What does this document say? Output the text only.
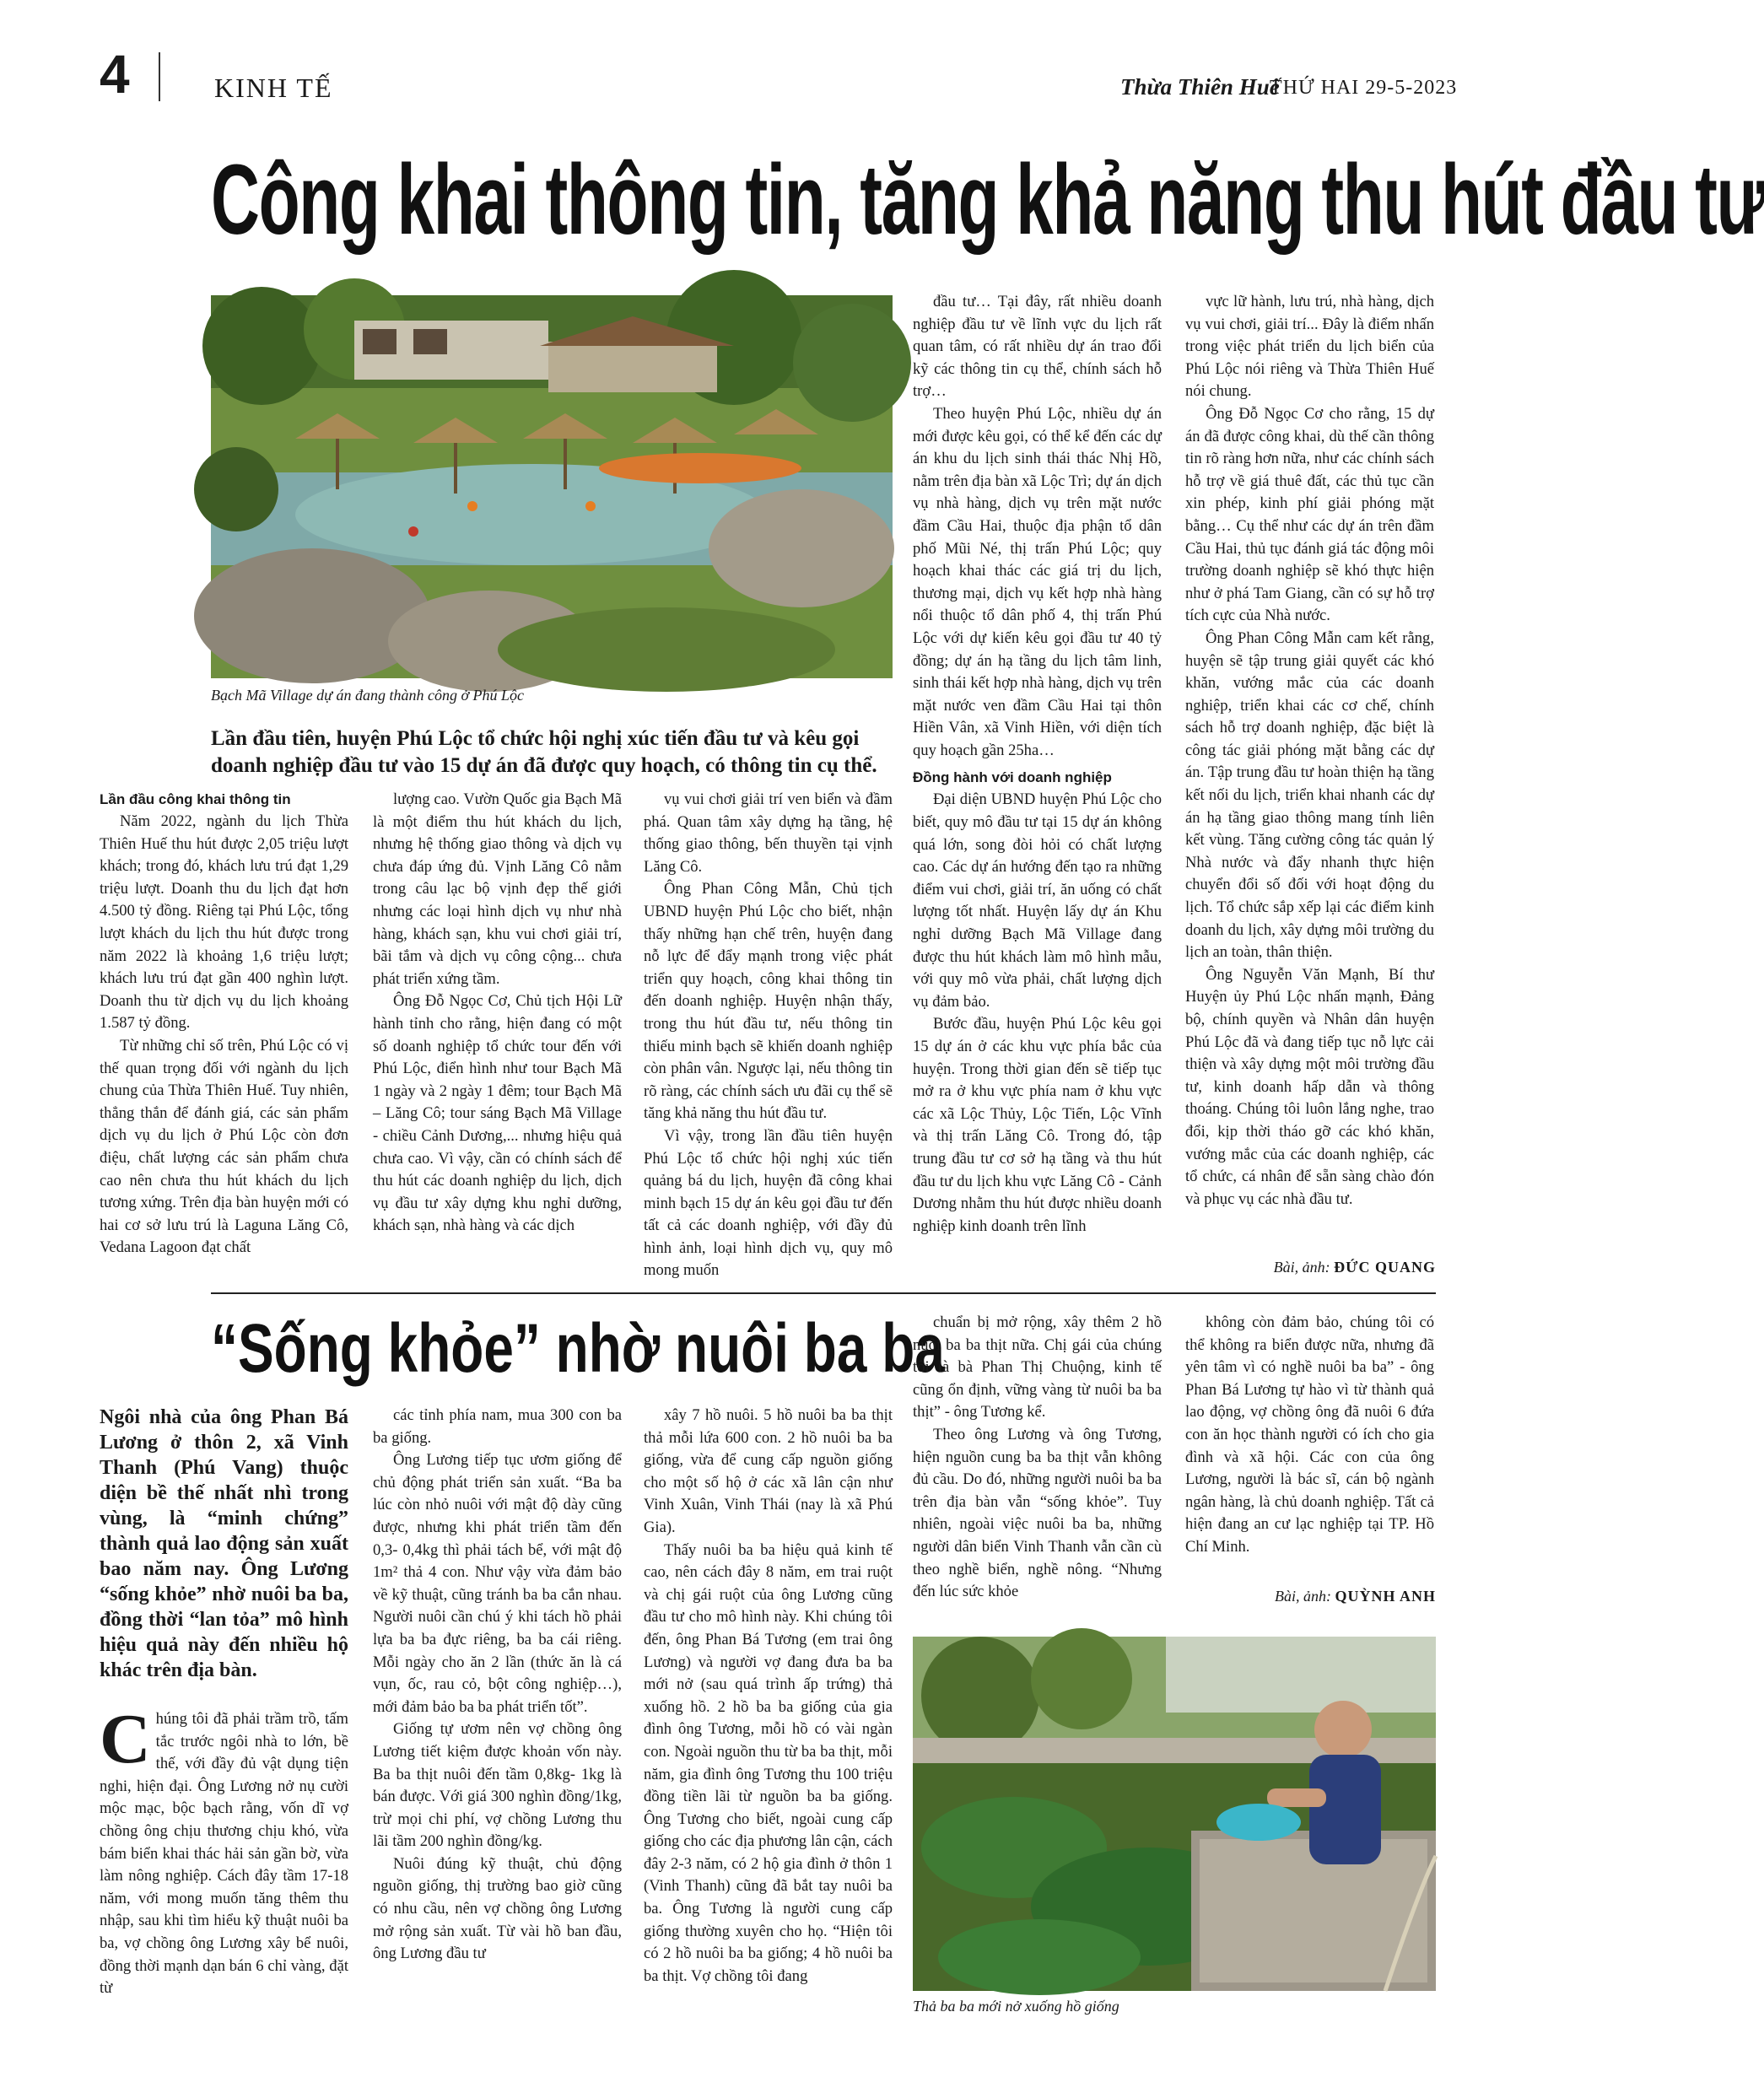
4	KINH TẾ	Thừa Thiên Huế
THỨ HAI 29-5-2023
Công khai thông tin, tăng khả năng thu hút đầu tư
Bạch Mã Village dự án đang thành công ở Phú Lộc
Lần đầu tiên, huyện Phú Lộc tổ chức hội nghị xúc tiến đầu tư và kêu gọi doanh nghiệp đầu tư vào 15 dự án đã được quy hoạch, có thông tin cụ thể.
Lần đầu công khai thông tin

Năm 2022, ngành du lịch Thừa Thiên Huế thu hút được 2,05 triệu lượt khách; trong đó, khách lưu trú đạt 1,29 triệu lượt. Doanh thu du lịch đạt hơn 4.500 tỷ đồng. Riêng tại Phú Lộc, tổng lượt khách du lịch thu hút được trong năm 2022 là khoảng 1,6 triệu lượt; khách lưu trú đạt gần 400 nghìn lượt. Doanh thu từ dịch vụ du lịch khoảng 1.587 tỷ đồng.

Từ những chỉ số trên, Phú Lộc có vị thế quan trọng đối với ngành du lịch chung của Thừa Thiên Huế. Tuy nhiên, thẳng thắn để đánh giá, các sản phẩm dịch vụ du lịch ở Phú Lộc còn đơn điệu, chất lượng các sản phẩm chưa cao nên chưa thu hút khách du lịch tương xứng. Trên địa bàn huyện mới có hai cơ sở lưu trú là Laguna Lăng Cô, Vedana Lagoon đạt chất

lượng cao. Vườn Quốc gia Bạch Mã là một điểm thu hút khách du lịch, nhưng hệ thống giao thông và dịch vụ chưa đáp ứng đủ. Vịnh Lăng Cô nằm trong câu lạc bộ vịnh đẹp thế giới nhưng các loại hình dịch vụ như nhà hàng, khách sạn, khu vui chơi giải trí, bãi tắm và dịch vụ công cộng... chưa phát triển xứng tầm.

Ông Đỗ Ngọc Cơ, Chủ tịch Hội Lữ hành tỉnh cho rằng, hiện đang có một số doanh nghiệp tổ chức tour đến với Phú Lộc, điển hình như tour Bạch Mã 1 ngày và 2 ngày 1 đêm; tour Bạch Mã – Lăng Cô; tour sáng Bạch Mã Village - chiều Cảnh Dương,... nhưng hiệu quả chưa cao. Vì vậy, cần có chính sách để thu hút các doanh nghiệp du lịch, dịch vụ đầu tư xây dựng khu nghỉ dưỡng, khách sạn, nhà hàng và các dịch

vụ vui chơi giải trí ven biển và đầm phá. Quan tâm xây dựng hạ tầng, hệ thống giao thông, bến thuyền tại vịnh Lăng Cô.

Ông Phan Công Mẫn, Chủ tịch UBND huyện Phú Lộc cho biết, nhận thấy những hạn chế trên, huyện đang nỗ lực để đẩy mạnh trong việc phát triển quy hoạch, công khai thông tin đến doanh nghiệp. Huyện nhận thấy, trong thu hút đầu tư, nếu thông tin thiếu minh bạch sẽ khiến doanh nghiệp còn phân vân. Ngược lại, nếu thông tin rõ ràng, các chính sách ưu đãi cụ thể sẽ tăng khả năng thu hút đầu tư.

Vì vậy, trong lần đầu tiên huyện Phú Lộc tổ chức hội nghị xúc tiến quảng bá du lịch, huyện đã công khai minh bạch 15 dự án kêu gọi đầu tư đến tất cả các doanh nghiệp, với đầy đủ hình ảnh, loại hình dịch vụ, quy mô mong muốn

đầu tư… Tại đây, rất nhiều doanh nghiệp đầu tư về lĩnh vực du lịch rất quan tâm, có rất nhiều dự án trao đổi kỹ các thông tin cụ thể, chính sách hỗ trợ…

Theo huyện Phú Lộc, nhiều dự án mới được kêu gọi, có thể kể đến các dự án khu du lịch sinh thái thác Nhị Hồ, nằm trên địa bàn xã Lộc Trì; dự án dịch vụ nhà hàng, dịch vụ trên mặt nước đầm Cầu Hai, thuộc địa phận tổ dân phố Mũi Né, thị trấn Phú Lộc; quy hoạch khai thác các giá trị du lịch, thương mại, dịch vụ kết hợp nhà hàng nổi thuộc tổ dân phố 4, thị trấn Phú Lộc với dự kiến kêu gọi đầu tư 40 tỷ đồng; dự án hạ tầng du lịch tâm linh, sinh thái kết hợp nhà hàng, dịch vụ trên mặt nước ven đầm Cầu Hai tại thôn Hiền Vân, xã Vinh Hiền, với diện tích quy hoạch gần 25ha…

Đồng hành với doanh nghiệp

Đại diện UBND huyện Phú Lộc cho biết, quy mô đầu tư tại 15 dự án không quá lớn, song đòi hỏi có chất lượng cao. Các dự án hướng đến tạo ra những điểm vui chơi, giải trí, ăn uống có chất lượng tốt nhất. Huyện lấy dự án Khu nghỉ dưỡng Bạch Mã Village đang được thu hút khách làm mô hình mẫu, với quy mô vừa phải, chất lượng dịch vụ đảm bảo.

Bước đầu, huyện Phú Lộc kêu gọi 15 dự án ở các khu vực phía bắc của huyện. Trong thời gian đến sẽ tiếp tục mở ra ở khu vực phía nam ở khu vực các xã Lộc Thủy, Lộc Tiến, Lộc Vĩnh và thị trấn Lăng Cô. Trong đó, tập trung đầu tư cơ sở hạ tầng và thu hút đầu tư du lịch khu vực Lăng Cô - Cảnh Dương nhằm thu hút được nhiều doanh nghiệp kinh doanh trên lĩnh

vực lữ hành, lưu trú, nhà hàng, dịch vụ vui chơi, giải trí... Đây là điểm nhấn trong việc phát triển du lịch biển của Phú Lộc nói riêng và Thừa Thiên Huế nói chung.

Ông Đỗ Ngọc Cơ cho rằng, 15 dự án đã được công khai, dù thế cần thông tin rõ ràng hơn nữa, như các chính sách hỗ trợ về giá thuê đất, các thủ tục cần xin phép, kinh phí giải phóng mặt bằng… Cụ thể như các dự án trên đầm Cầu Hai, thủ tục đánh giá tác động môi trường doanh nghiệp sẽ khó thực hiện như ở phá Tam Giang, cần có sự hỗ trợ tích cực của Nhà nước.

Ông Phan Công Mẫn cam kết rằng, huyện sẽ tập trung giải quyết các khó khăn, vướng mắc của các doanh nghiệp, triển khai các cơ chế, chính sách hỗ trợ doanh nghiệp, đặc biệt là công tác giải phóng mặt bằng các dự án. Tập trung đầu tư hoàn thiện hạ tầng kết nối du lịch, triển khai nhanh các dự án hạ tầng giao thông mang tính liên kết vùng. Tăng cường công tác quản lý Nhà nước và đẩy nhanh thực hiện chuyển đổi số đối với hoạt động du lịch. Tổ chức sắp xếp lại các điểm kinh doanh du lịch, xây dựng môi trường du lịch an toàn, thân thiện.

Ông Nguyễn Văn Mạnh, Bí thư Huyện ủy Phú Lộc nhấn mạnh, Đảng bộ, chính quyền và Nhân dân huyện Phú Lộc đã và đang tiếp tục nỗ lực cải thiện và xây dựng một môi trường đầu tư, kinh doanh hấp dẫn và thông thoáng. Chúng tôi luôn lắng nghe, trao đổi, kịp thời tháo gỡ các khó khăn, vướng mắc của các doanh nghiệp, các tổ chức, cá nhân để sẵn sàng chào đón và phục vụ các nhà đầu tư.

Bài, ảnh: ĐỨC QUANG
“Sống khỏe” nhờ nuôi ba ba
Ngôi nhà của ông Phan Bá Lương ở thôn 2, xã Vinh Thanh (Phú Vang) thuộc diện bề thế nhất nhì trong vùng, là “minh chứng” thành quả lao động sản xuất bao năm nay. Ông Lương “sống khỏe” nhờ nuôi ba ba, đồng thời “lan tỏa” mô hình hiệu quả này đến nhiều hộ khác trên địa bàn.
C húng tôi đã phải trầm trồ, tấm tắc trước ngôi nhà to lớn, bề thế, với đầy đủ vật dụng tiện nghi, hiện đại. Ông Lương nở nụ cười mộc mạc, bộc bạch rằng, vốn dĩ vợ chồng ông chịu thương chịu khó, vừa bám biển khai thác hải sản gần bờ, vừa làm nông nghiệp. Cách đây tầm 17-18 năm, với mong muốn tăng thêm thu nhập, sau khi tìm hiểu kỹ thuật nuôi ba ba, vợ chồng ông Lương xây bể nuôi, đồng thời mạnh dạn bán 6 chỉ vàng, đặt từ

các tỉnh phía nam, mua 300 con ba ba giống.

Ông Lương tiếp tục ươm giống để chủ động phát triển sản xuất. “Ba ba lúc còn nhỏ nuôi với mật độ dày cũng được, nhưng khi phát triển tầm đến 0,3- 0,4kg thì phải tách bể, với mật độ 1m² thả 4 con. Như vậy vừa đảm bảo về kỹ thuật, cũng tránh ba ba cắn nhau. Người nuôi cần chú ý khi tách hồ phải lựa ba ba đực riêng, ba ba cái riêng. Mỗi ngày cho ăn 2 lần (thức ăn là cá vụn, ốc, rau cỏ, bột công nghiệp…), mới đảm bảo ba ba phát triển tốt”.

Giống tự ươm nên vợ chồng ông Lương tiết kiệm được khoản vốn này. Ba ba thịt nuôi đến tầm 0,8kg- 1kg là bán được. Với giá 300 nghìn đồng/1kg, trừ mọi chi phí, vợ chồng Lương thu lãi tầm 200 nghìn đồng/kg.

Nuôi đúng kỹ thuật, chủ động nguồn giống, thị trường bao giờ cũng có nhu cầu, nên vợ chồng ông Lương mở rộng sản xuất. Từ vài hồ ban đầu, ông Lương đầu tư

xây 7 hồ nuôi. 5 hồ nuôi ba ba thịt thả mỗi lứa 600 con. 2 hồ nuôi ba ba giống, vừa để cung cấp nguồn giống cho một số hộ ở các xã lân cận như Vinh Xuân, Vinh Thái (nay là xã Phú Gia).

Thấy nuôi ba ba hiệu quả kinh tế cao, nên cách đây 8 năm, em trai ruột và chị gái ruột của ông Lương cũng đầu tư cho mô hình này. Khi chúng tôi đến, ông Phan Bá Tương (em trai ông Lương) và người vợ đang đưa ba ba mới nở (sau quá trình ấp trứng) thả xuống hồ. 2 hồ ba ba giống của gia đình ông Tương, mỗi hồ có vài ngàn con. Ngoài nguồn thu từ ba ba thịt, mỗi năm, gia đình ông Tương thu 100 triệu đồng tiền lãi từ nguồn ba ba giống. Ông Tương cho biết, ngoài cung cấp giống cho các địa phương lân cận, cách đây 2-3 năm, có 2 hộ gia đình ở thôn 1 (Vinh Thanh) cũng đã bắt tay nuôi ba ba. Ông Tương là người cung cấp giống thường xuyên cho họ. “Hiện tôi có 2 hồ nuôi ba ba giống; 4 hồ nuôi ba ba thịt. Vợ chồng tôi đang

chuẩn bị mở rộng, xây thêm 2 hồ nuôi ba ba thịt nữa. Chị gái của chúng tôi là bà Phan Thị Chuộng, kinh tế cũng ổn định, vững vàng từ nuôi ba ba thịt” - ông Tương kể.

Theo ông Lương và ông Tương, hiện nguồn cung ba ba thịt vẫn không đủ cầu. Do đó, những người nuôi ba ba trên địa bàn vẫn “sống khỏe”. Tuy nhiên, ngoài việc nuôi ba ba, những người dân biển Vinh Thanh vẫn cần cù theo nghề biển, nghề nông. “Nhưng đến lúc sức khỏe

không còn đảm bảo, chúng tôi có thể không ra biển được nữa, nhưng đã yên tâm vì có nghề nuôi ba ba” - ông Phan Bá Lương tự hào vì từ thành quả lao động, vợ chồng ông đã nuôi 6 đứa con ăn học thành người có ích cho gia đình và xã hội. Các con của ông Lương, người là bác sĩ, cán bộ ngành ngân hàng, là chủ doanh nghiệp. Tất cả hiện đang an cư lạc nghiệp tại TP. Hồ Chí Minh.

Bài, ảnh: QUỲNH ANH
Thả ba ba mới nở xuống hồ giống
